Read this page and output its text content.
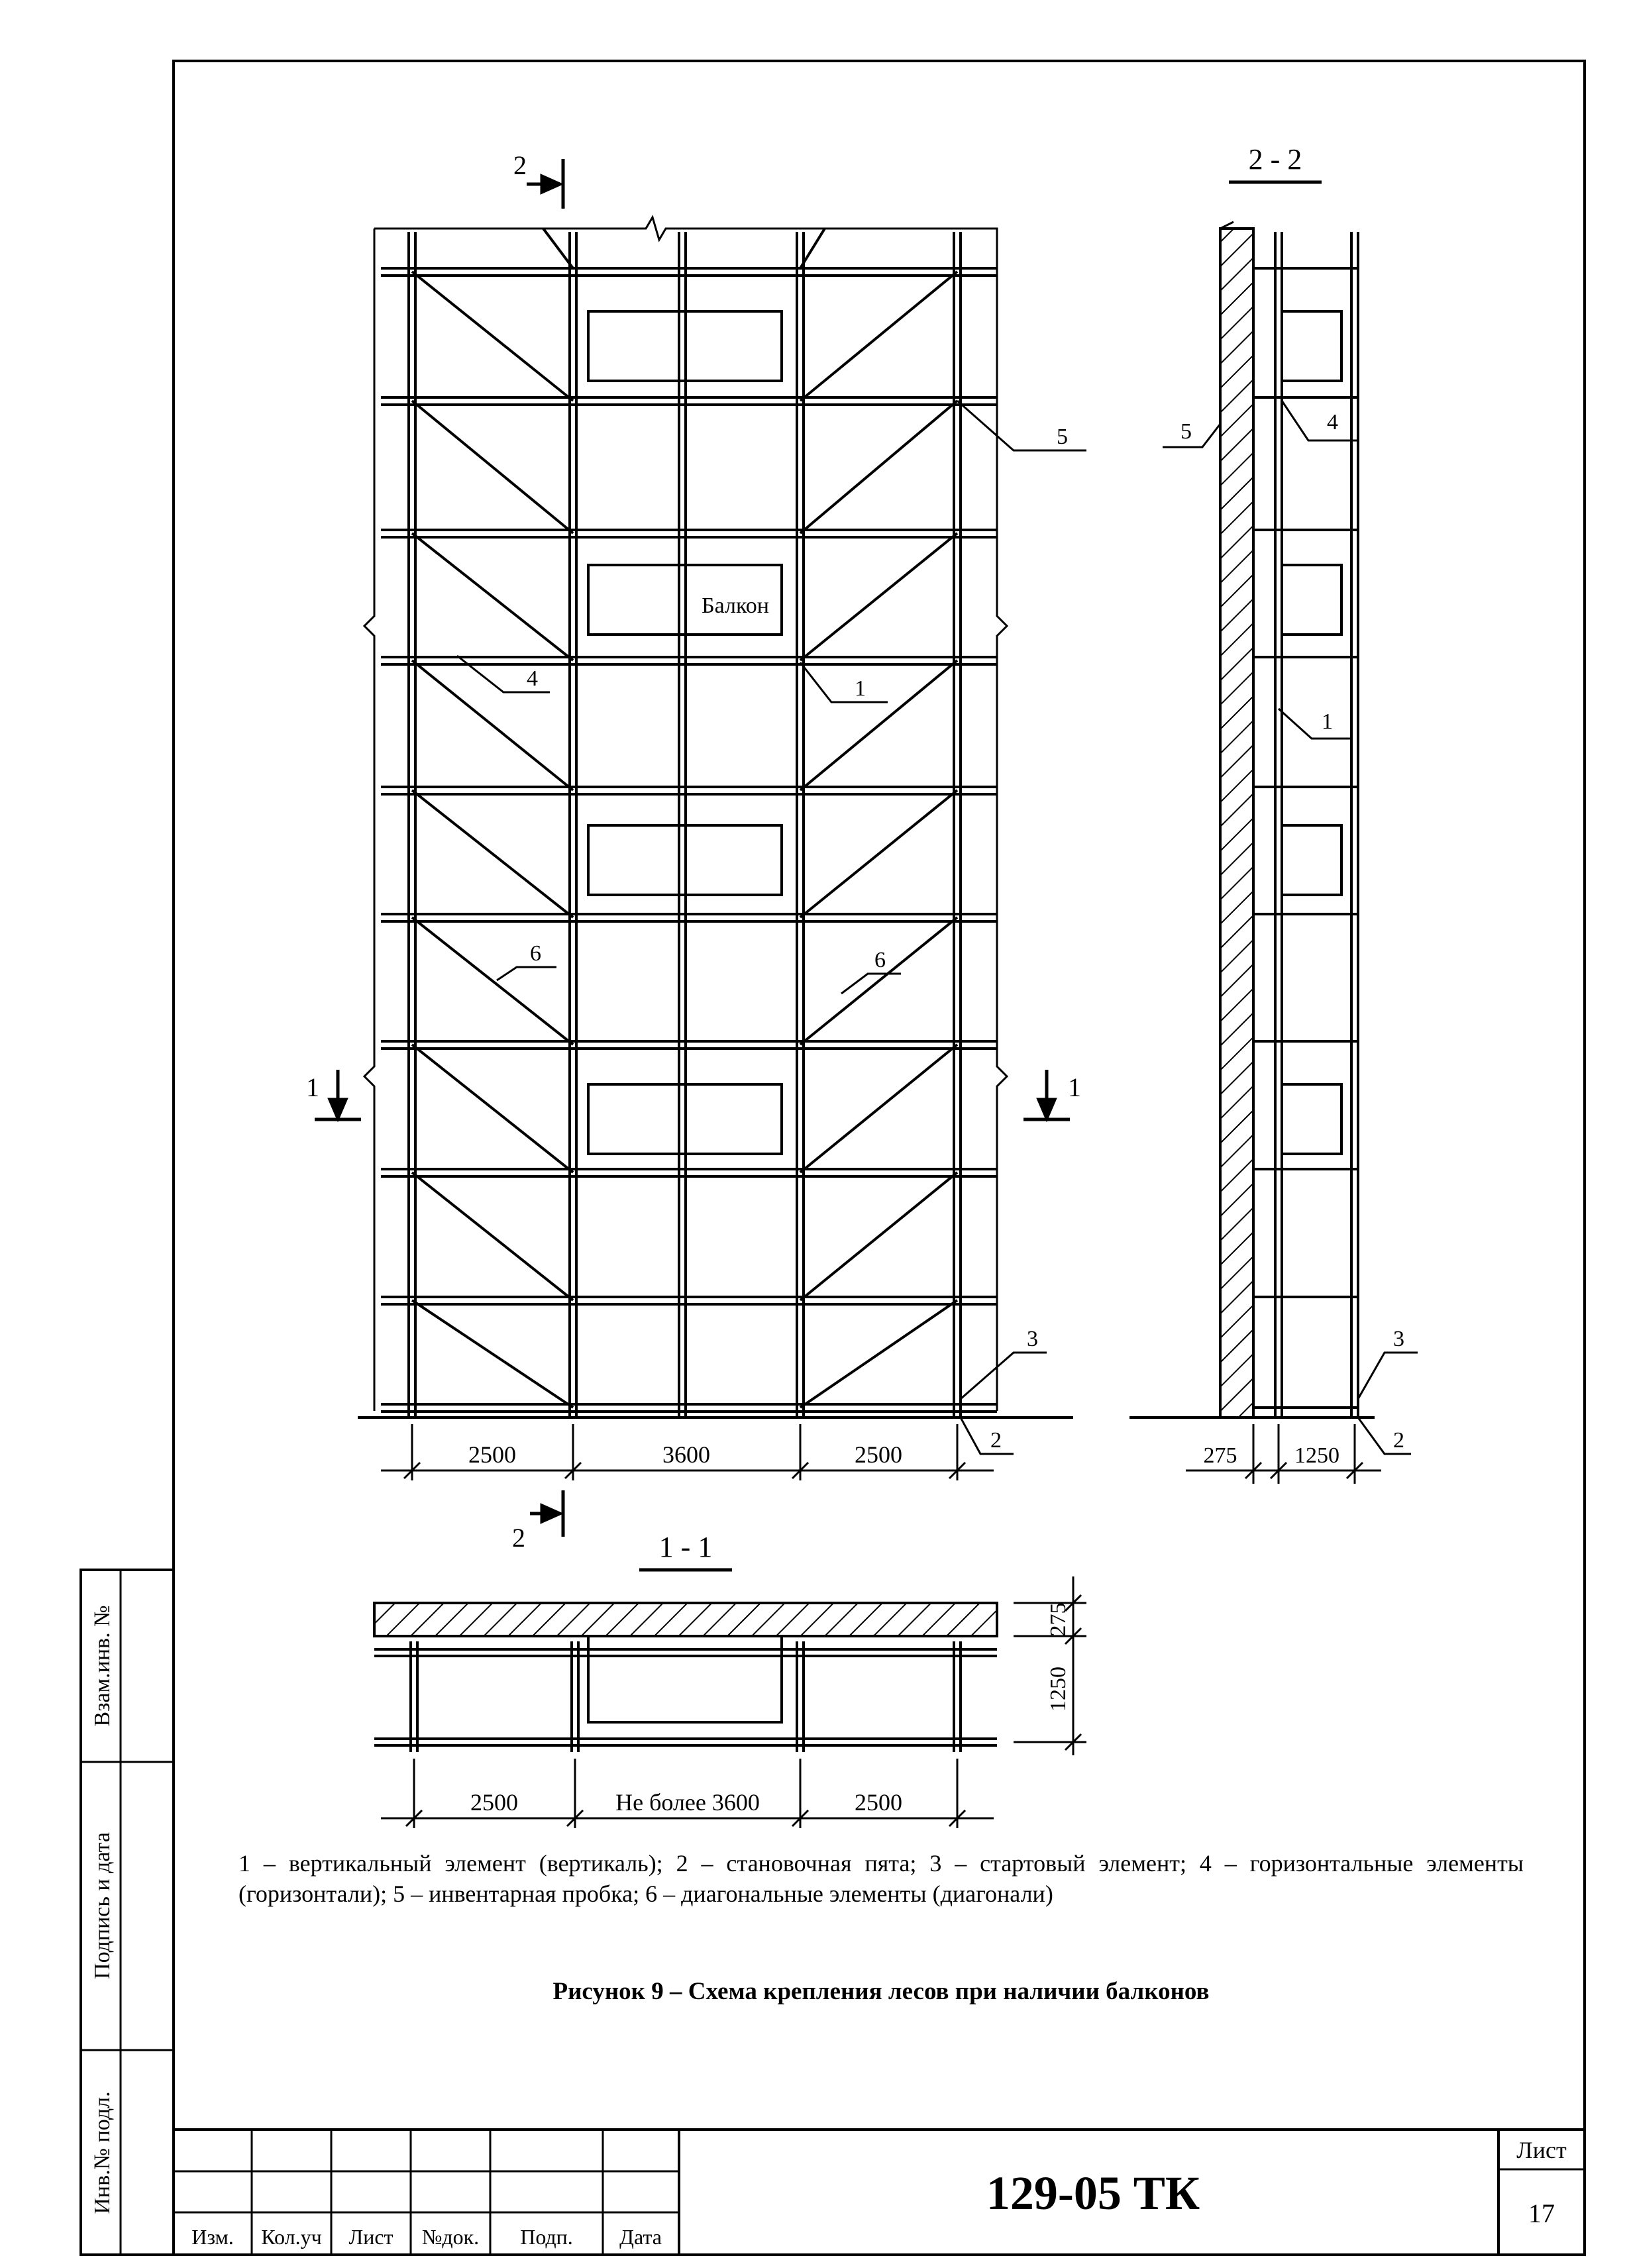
Взам.инв. №
Подпись и дата
Инв.№ подл.
Балкон
5
4	1
6	6
3
2
2
2
1	1
2500	3600	2500
2 - 2
5	4
1
3
2
275	1250
1 - 1
2500	Не более 3600	2500
275
1250
Изм. Кол.уч Лист №док. Подп. Дата
129-05 ТК
Лист
17
1 – вертикальный элемент (вертикаль); 2 – становочная пята; 3 – стартовый элемент; 4 – горизонтальные элементы (горизонтали); 5 – инвентарная пробка; 6 – диагональные элементы (диагонали)
Рисунок 9 – Схема крепления лесов при наличии балконов
